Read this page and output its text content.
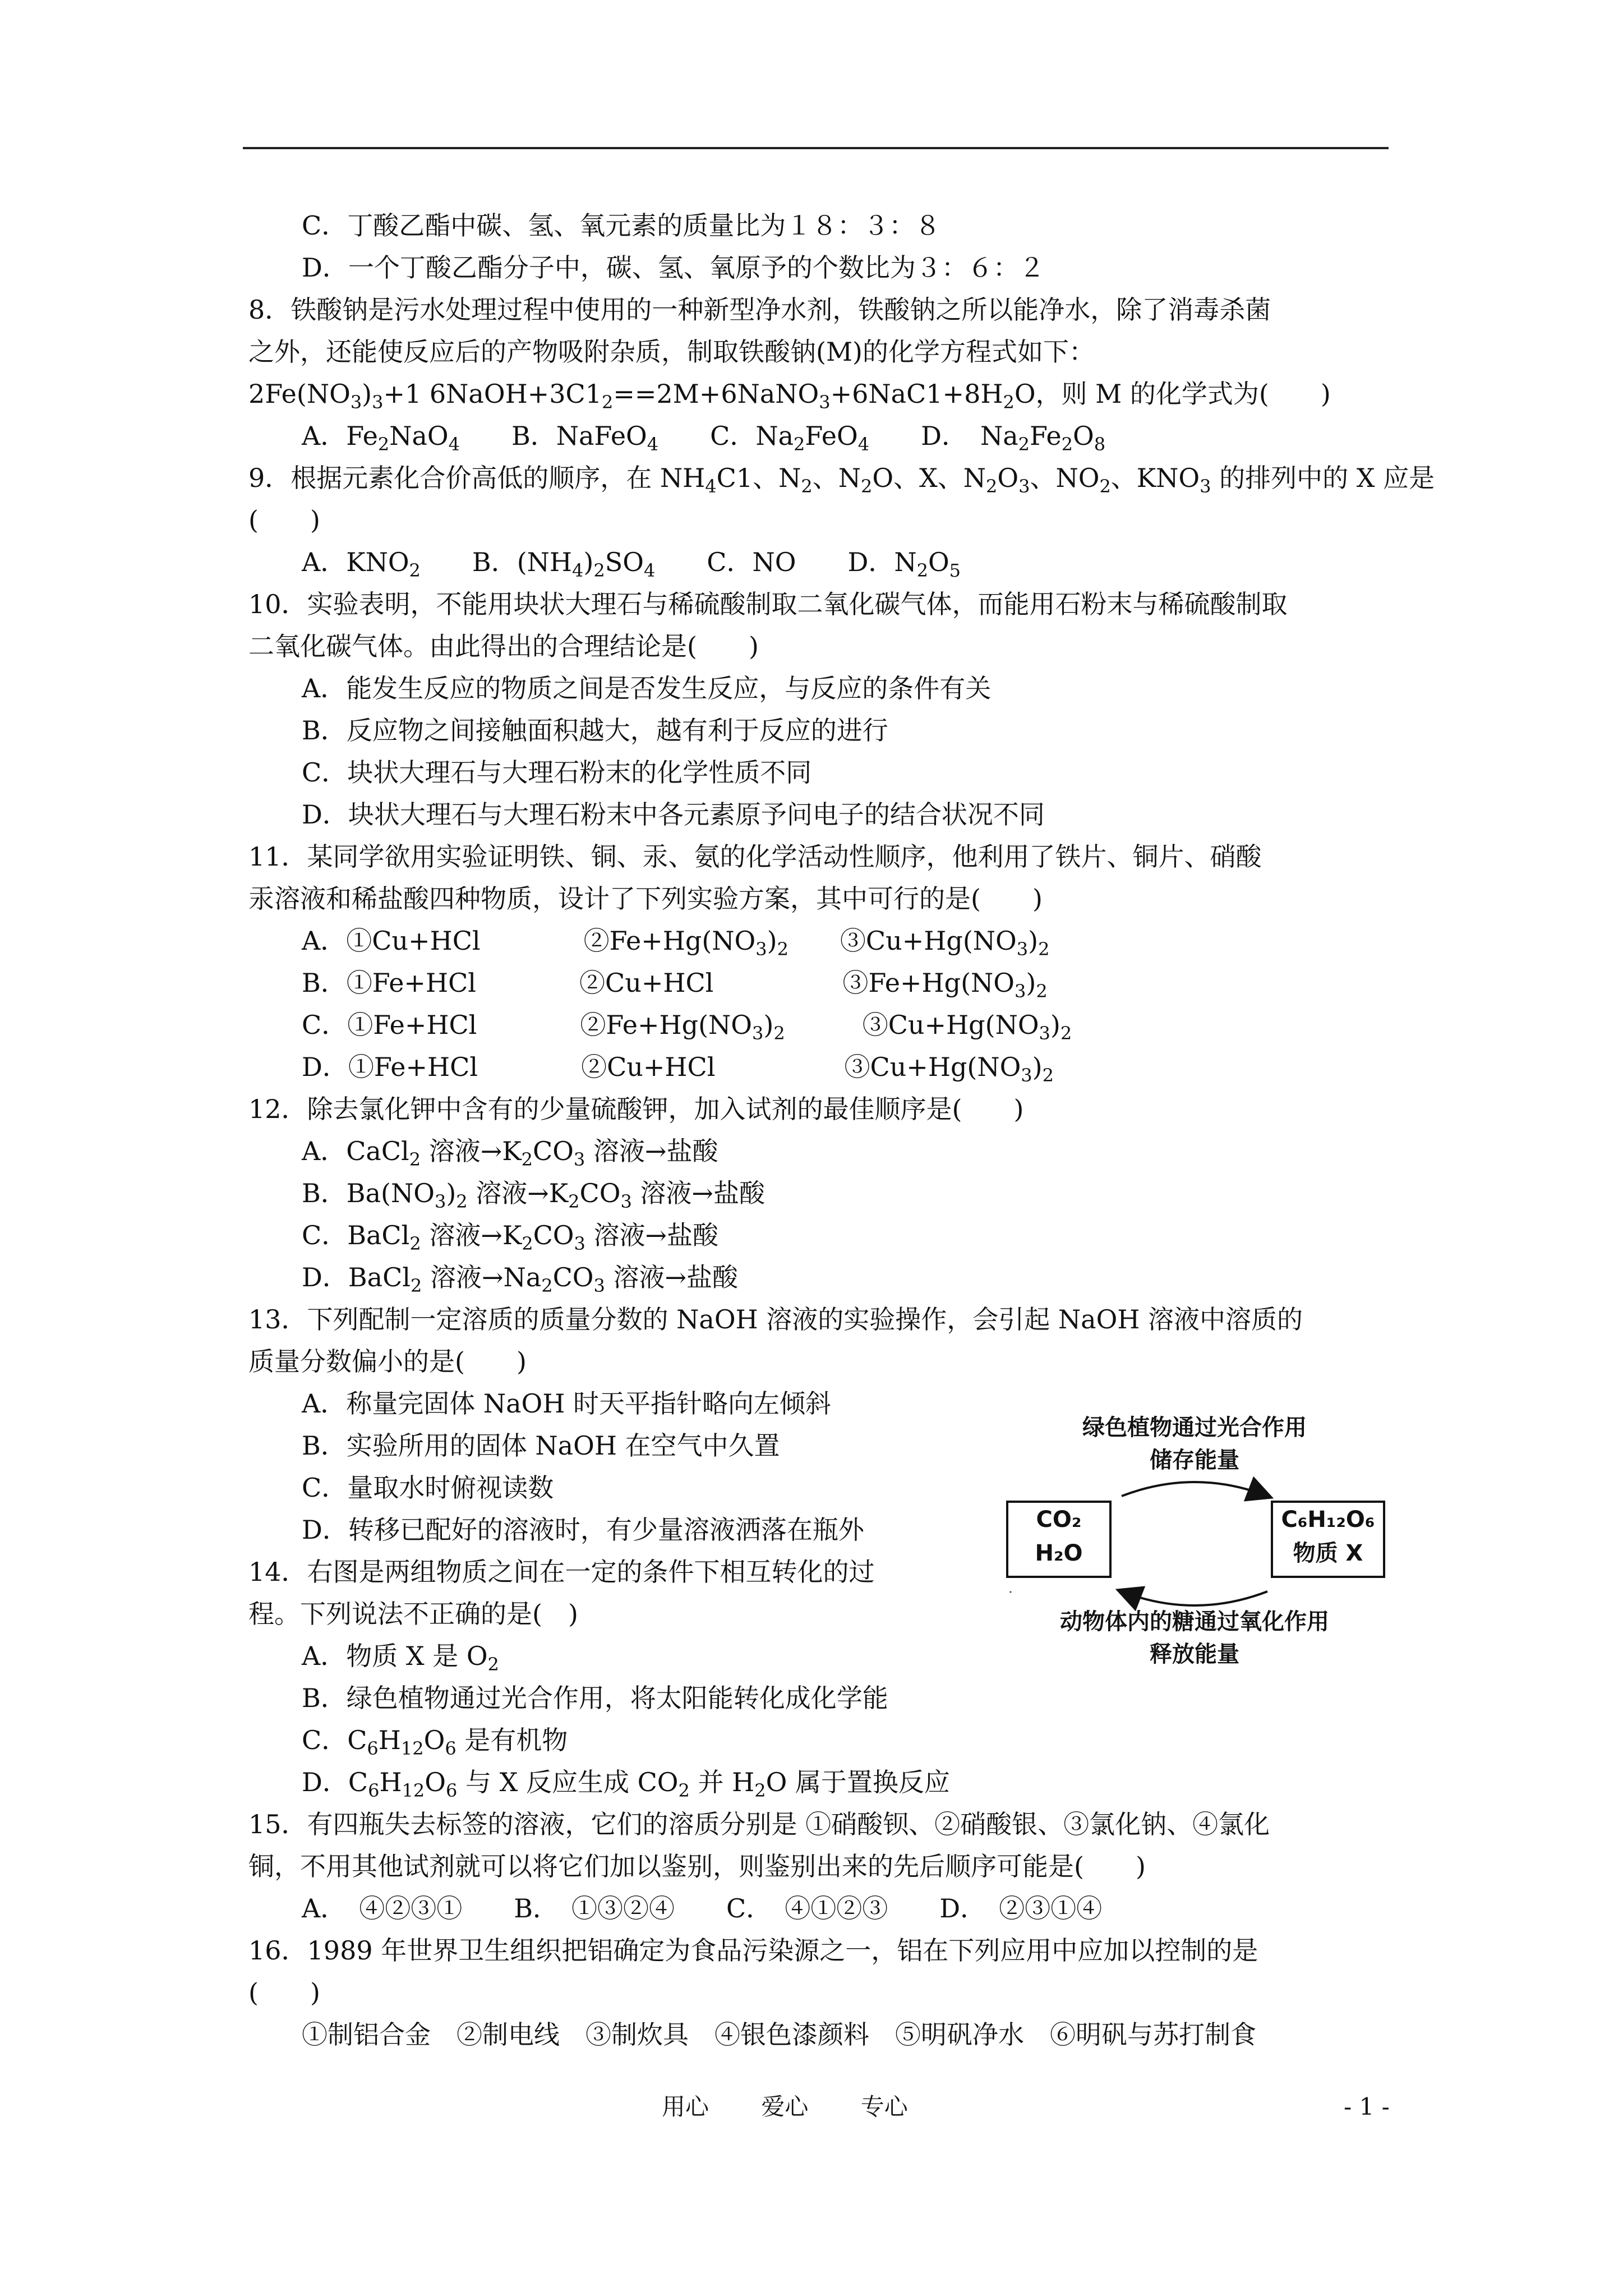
C．丁酸乙酯中碳、氢、氧元素的质量比为１８：３：８
D．一个丁酸乙酯分子中，碳、氢、氧原予的个数比为３：６：２
8．铁酸钠是污水处理过程中使用的一种新型净水剂，铁酸钠之所以能净水，除了消毒杀菌
之外，还能使反应后的产物吸附杂质，制取铁酸钠(M)的化学方程式如下：
$2Fe(NO_3)_3+1$ $6NaOH+3C1_2==2M+6NaNO_3+6NaC1+8H_2O$，则 M 的化学式为(　　)
A．$Fe_2NaO_4$　　B．NaFeO$_4$　　C．$Na_2FeO_4$　　D．　$Na_2Fe_2O_8$
9．根据元素化合价高低的顺序，在 $NH_4C1$、$N_2$、$N_2O$、X、$N_2O_3$、$NO_2$、$KNO_3$ 的排列中的 X 应是
(　　)
A．$KNO_2$　　B．$(NH_4)_2SO_4$　　C．NO　　D．$N_2O_5$
10．实验表明，不能用块状大理石与稀硫酸制取二氧化碳气体，而能用石粉末与稀硫酸制取
二氧化碳气体。由此得出的合理结论是(　　)
A．能发生反应的物质之间是否发生反应，与反应的条件有关
B．反应物之间接触面积越大，越有利于反应的进行
C．块状大理石与大理石粉末的化学性质不同
D．块状大理石与大理石粉末中各元素原予问电子的结合状况不同
11．某同学欲用实验证明铁、铜、汞、氨的化学活动性顺序，他利用了铁片、铜片、硝酸
汞溶液和稀盐酸四种物质，设计了下列实验方案，其中可行的是(　　)
A．①Cu+HCl　　　　$②Fe+Hg(NO_3)_2$　　$③Cu+Hg(NO_3)_2$
B．①Fe+HCl　　　　②Cu+HCl　　　　　$③Fe+Hg(NO_3)_2$
C．①Fe+HCl　　　　$②Fe+Hg(NO_3)_2$　　　$③Cu+Hg(NO_3)_2$
D．①Fe+HCl　　　　②Cu+HCl　　　　　$③Cu+Hg(NO_3)_2$
12．除去氯化钾中含有的少量硫酸钾，加入试剂的最佳顺序是(　　)
A．CaCl$_2$ 溶液$\to K_2CO_3$ 溶液→盐酸
B．$Ba(NO_3)_2$ 溶液$\to K_2CO_3$ 溶液→盐酸
C．BaCl$_2$ 溶液$\to K_2CO_3$ 溶液→盐酸
D．BaCl$_2$ 溶液$\to Na_2CO_3$ 溶液→盐酸
13．下列配制一定溶质的质量分数的 NaOH 溶液的实验操作，会引起 NaOH 溶液中溶质的
质量分数偏小的是(　　)
A．称量完固体 NaOH 时天平指针略向左倾斜
B．实验所用的固体 NaOH 在空气中久置
C．量取水时俯视读数
D．转移已配好的溶液时，有少量溶液洒落在瓶外
14．右图是两组物质之间在一定的条件下相互转化的过
程。下列说法不正确的是(　)
A．物质 X 是 $O_2$
B．绿色植物通过光合作用，将太阳能转化成化学能
C．$C_6H_{12}O_6$ 是有机物
D．$C_6H_{12}O_6$ 与 X 反应生成 $CO_2$ 并 $H_2O$ 属于置换反应
15．有四瓶失去标签的溶液，它们的溶质分别是 ①硝酸钡、②硝酸银、③氯化钠、④氯化
铜，不用其他试剂就可以将它们加以鉴别，则鉴别出来的先后顺序可能是(　　)
A．　④②③①　　B．　①③②④　　C．　④①②③　　D．　②③①④
16．1989 年世界卫生组织把铝确定为食品污染源之一，铝在下列应用中应加以控制的是
(　　)
①制铝合金　②制电线　③制炊具　④银色漆颜料　⑤明矾净水　⑥明矾与苏打制食
绿色植物通过光合作用
储存能量
CO₂
H₂O
C₆H₁₂O₆
物质 X
动物体内的糖通过氧化作用
释放能量
用心 爱心 专心	- 1 -
